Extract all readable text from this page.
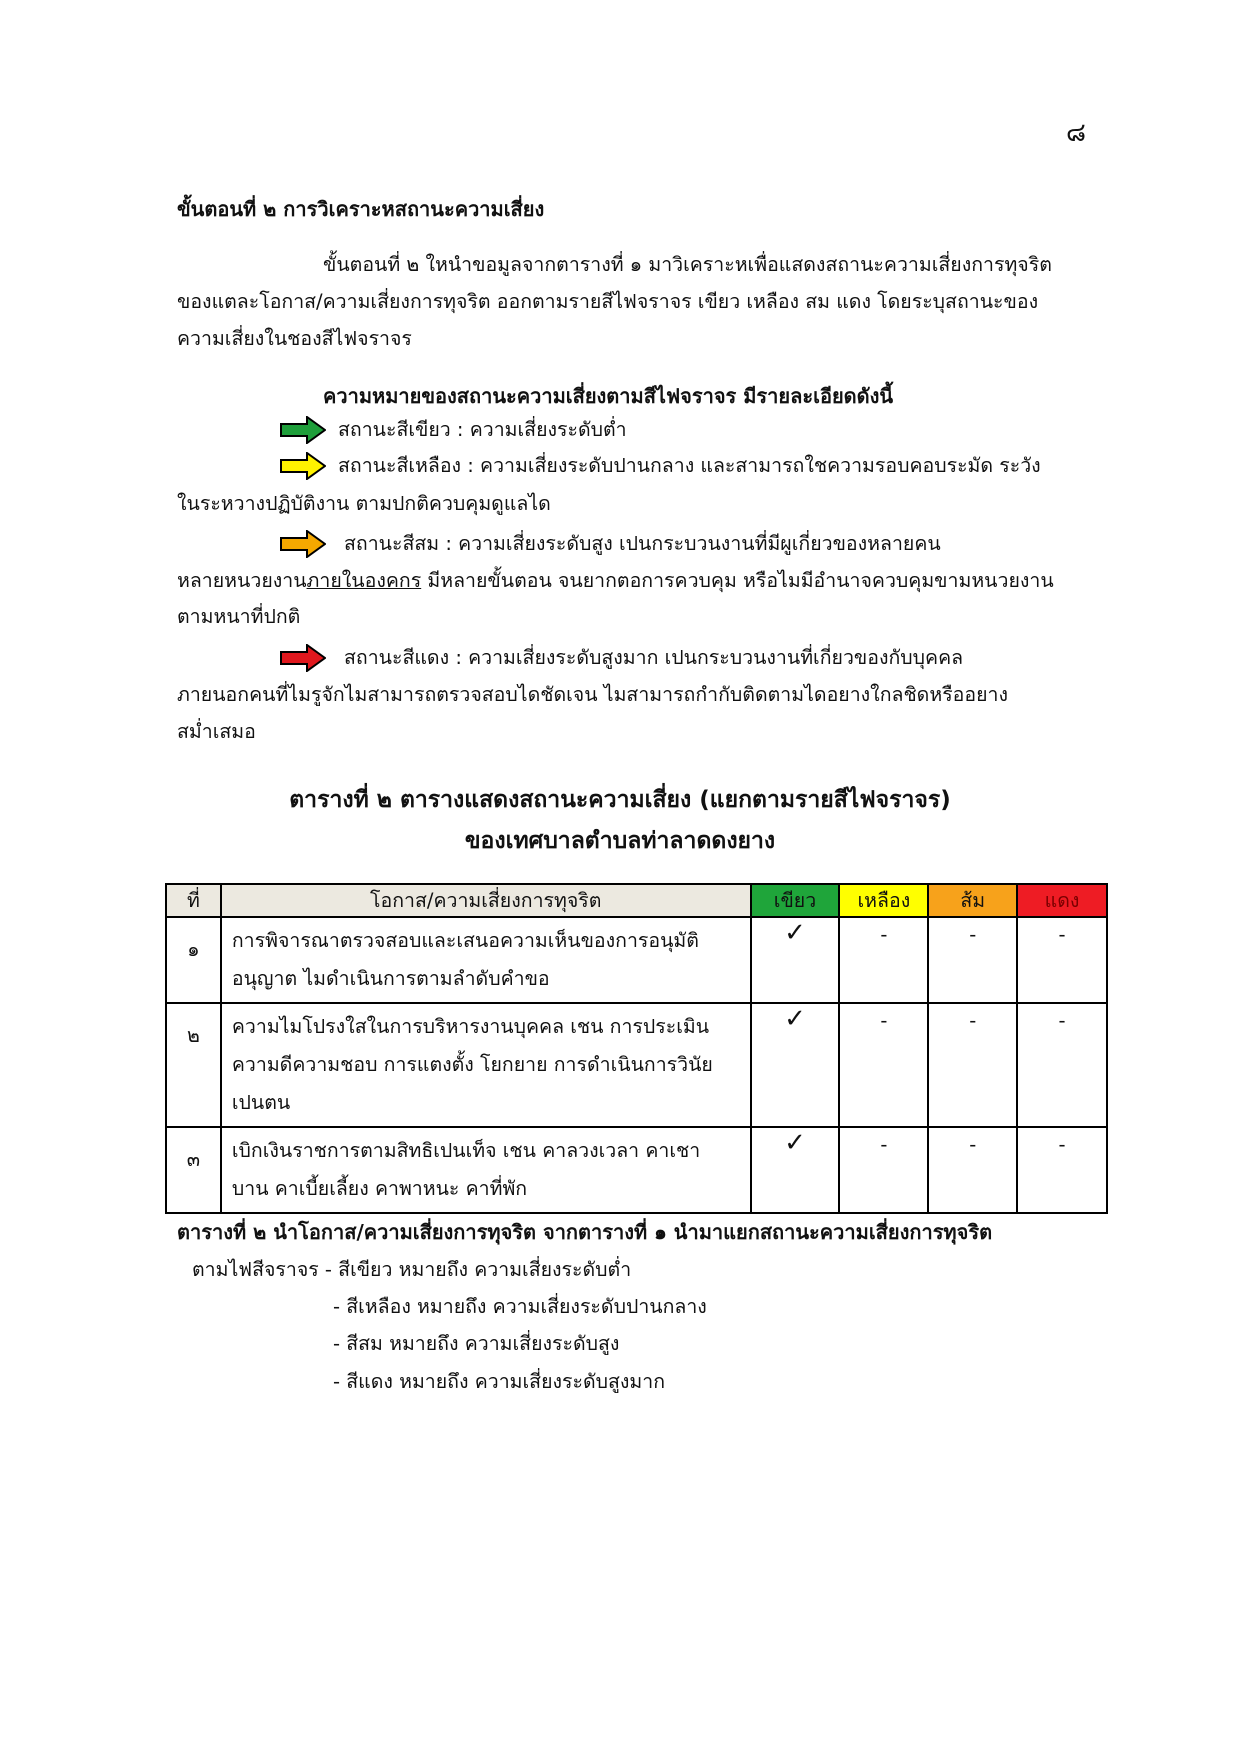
๘
ขั้นตอนที่ ๒ การวิเคราะหสถานะความเสี่ยง
ขั้นตอนที่ ๒ ใหนำขอมูลจากตารางที่ ๑ มาวิเคราะหเพื่อแสดงสถานะความเสี่ยงการทุจริต
ของแตละโอกาส/ความเสี่ยงการทุจริต ออกตามรายสีไฟจราจร เขียว เหลือง สม แดง โดยระบุสถานะของ
ความเสี่ยงในชองสีไฟจราจร
ความหมายของสถานะความเสี่ยงตามสีไฟจราจร มีรายละเอียดดังนี้
สถานะสีเขียว : ความเสี่ยงระดับต่ำ
สถานะสีเหลือง : ความเสี่ยงระดับปานกลาง และสามารถใชความรอบคอบระมัด ระวัง
ในระหวางปฏิบัติงาน ตามปกติควบคุมดูแลได
สถานะสีสม : ความเสี่ยงระดับสูง เปนกระบวนงานที่มีผูเกี่ยวของหลายคน
หลายหนวยงานภายในองคกร มีหลายขั้นตอน จนยากตอการควบคุม หรือไมมีอำนาจควบคุมขามหนวยงาน
ตามหนาที่ปกติ
สถานะสีแดง : ความเสี่ยงระดับสูงมาก เปนกระบวนงานที่เกี่ยวของกับบุคคล
ภายนอกคนที่ไมรูจักไมสามารถตรวจสอบไดชัดเจน ไมสามารถกำกับติดตามไดอยางใกลชิดหรืออยาง
สม่ำเสมอ
ตารางที่ ๒ ตารางแสดงสถานะความเสี่ยง (แยกตามรายสีไฟจราจร)
ของเทศบาลตำบลท่าลาดดงยาง
ที่	โอกาส/ความเสี่ยงการทุจริต	เขียว	เหลือง	ส้ม	แดง
๑	การพิจารณาตรวจสอบและเสนอความเห็นของการอนุมัติ
อนุญาต ไมดำเนินการตามลำดับคำขอ	✓	-	-	-
๒	ความไมโปรงใสในการบริหารงานบุคคล เชน การประเมิน
ความดีความชอบ การแตงตั้ง โยกยาย การดำเนินการวินัย
เปนตน	✓	-	-	-
๓	เบิกเงินราชการตามสิทธิเปนเท็จ เชน คาลวงเวลา คาเชา
บาน คาเบี้ยเลี้ยง คาพาหนะ คาที่พัก	✓	-	-	-
ตารางที่ ๒ นำโอกาส/ความเสี่ยงการทุจริต จากตารางที่ ๑ นำมาแยกสถานะความเสี่ยงการทุจริต
ตามไฟสีจราจร - สีเขียว หมายถึง ความเสี่ยงระดับต่ำ
- สีเหลือง หมายถึง ความเสี่ยงระดับปานกลาง
- สีสม หมายถึง ความเสี่ยงระดับสูง
- สีแดง หมายถึง ความเสี่ยงระดับสูงมาก
